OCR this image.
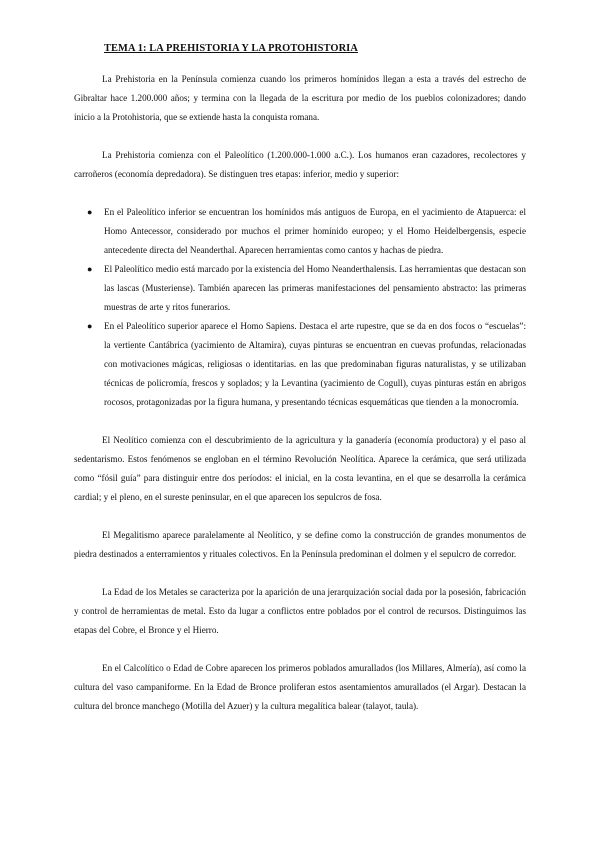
TEMA 1: LA PREHISTORIA Y LA PROTOHISTORIA

La Prehistoria en la Península comienza cuando los primeros homínidos llegan a esta a través del estrecho de Gibraltar hace 1.200.000 años; y termina con la llegada de la escritura por medio de los pueblos colonizadores; dando inicio a la Protohistoria, que se extiende hasta la conquista romana.

La Prehistoria comienza con el Paleolítico (1.200.000-1.000 a.C.). Los humanos eran cazadores, recolectores y carroñeros (economía depredadora). Se distinguen tres etapas: inferior, medio y superior:

● En el Paleolítico inferior se encuentran los homínidos más antiguos de Europa, en el yacimiento de Atapuerca: el Homo Antecessor, considerado por muchos el primer homínido europeo; y el Homo Heidelbergensis, especie antecedente directa del Neanderthal. Aparecen herramientas como cantos y hachas de piedra.
● El Paleolítico medio está marcado por la existencia del Homo Neanderthalensis. Las herramientas que destacan son las lascas (Musteriense). También aparecen las primeras manifestaciones del pensamiento abstracto: las primeras muestras de arte y ritos funerarios.
● En el Paleolítico superior aparece el Homo Sapiens. Destaca el arte rupestre, que se da en dos focos o “escuelas”: la vertiente Cantábrica (yacimiento de Altamira), cuyas pinturas se encuentran en cuevas profundas, relacionadas con motivaciones mágicas, religiosas o identitarias. en las que predominaban figuras naturalistas, y se utilizaban técnicas de policromía, frescos y soplados; y la Levantina (yacimiento de Cogull), cuyas pinturas están en abrigos rocosos, protagonizadas por la figura humana, y presentando técnicas esquemáticas que tienden a la monocromía.

El Neolítico comienza con el descubrimiento de la agricultura y la ganadería (economía productora) y el paso al sedentarismo. Estos fenómenos se engloban en el término Revolución Neolítica. Aparece la cerámica, que será utilizada como “fósil guía” para distinguir entre dos períodos: el inicial, en la costa levantina, en el que se desarrolla la cerámica cardial; y el pleno, en el sureste peninsular, en el que aparecen los sepulcros de fosa.

El Megalitismo aparece paralelamente al Neolítico, y se define como la construcción de grandes monumentos de piedra destinados a enterramientos y rituales colectivos. En la Península predominan el dolmen y el sepulcro de corredor.

La Edad de los Metales se caracteriza por la aparición de una jerarquización social dada por la posesión, fabricación y control de herramientas de metal. Esto da lugar a conflictos entre poblados por el control de recursos. Distinguimos las etapas del Cobre, el Bronce y el Hierro.

En el Calcolítico o Edad de Cobre aparecen los primeros poblados amurallados (los Millares, Almería), así como la cultura del vaso campaniforme. En la Edad de Bronce proliferan estos asentamientos amurallados (el Argar). Destacan la cultura del bronce manchego (Motilla del Azuer) y la cultura megalítica balear (talayot, taula).
